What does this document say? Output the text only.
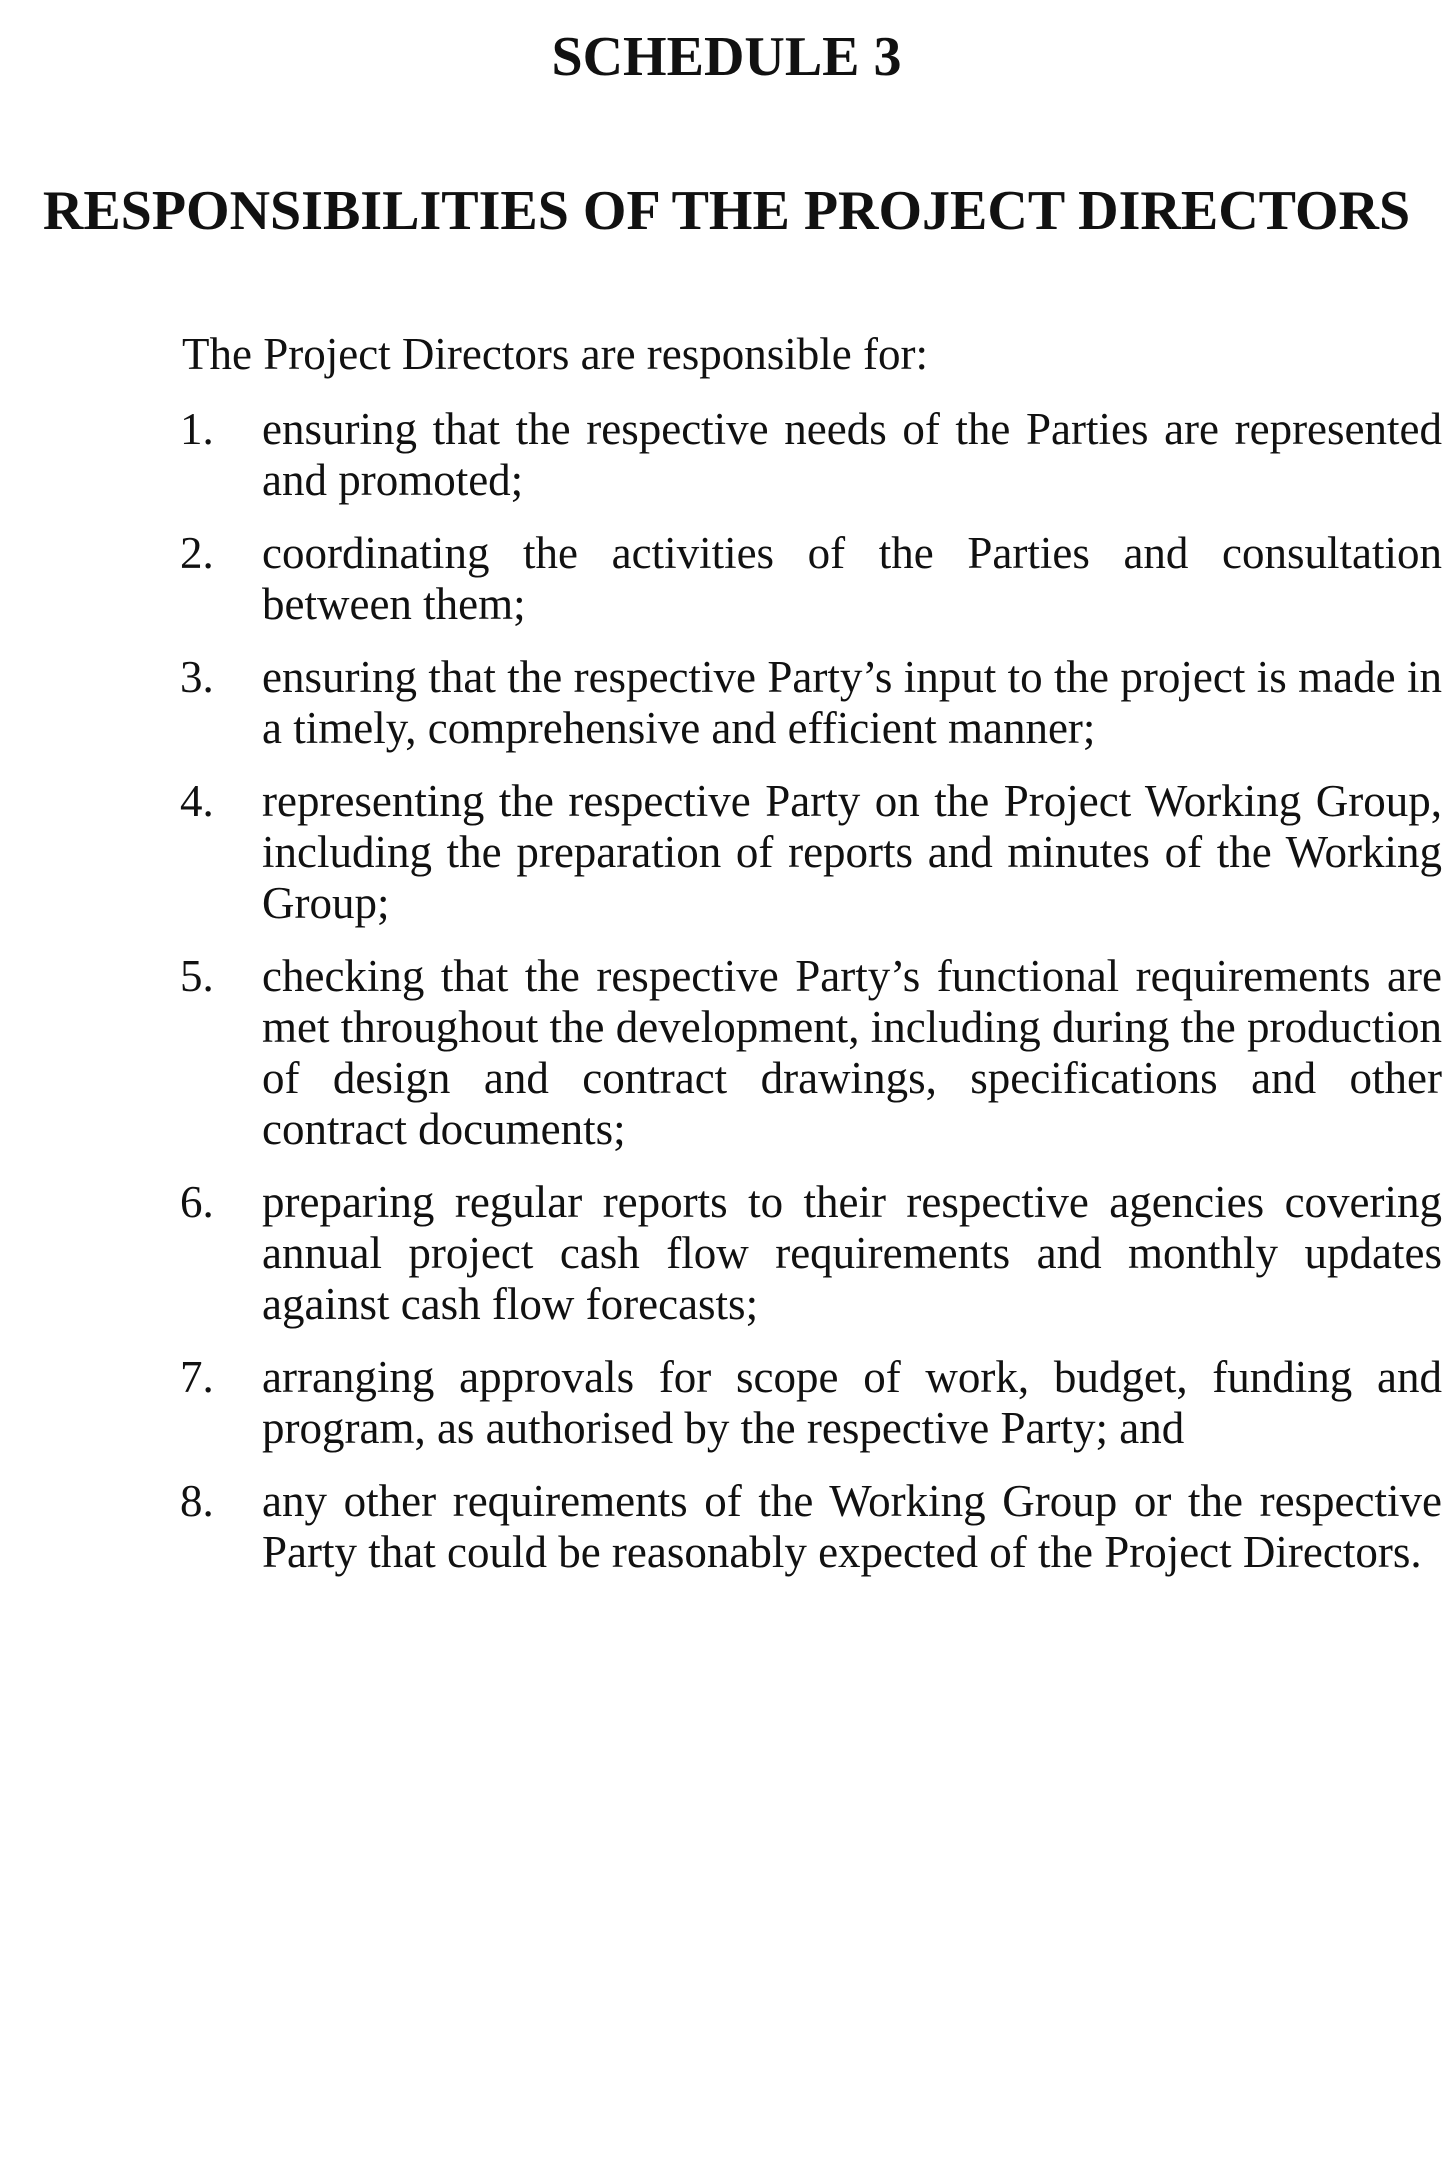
SCHEDULE 3
RESPONSIBILITIES OF THE PROJECT DIRECTORS

The Project Directors are responsible for:

1.	ensuring that the respective needs of the Parties are represented and promoted;
2.	coordinating the activities of the Parties and consultation between them;
3.	ensuring that the respective Party’s input to the project is made in a timely, comprehensive and efficient manner;
4.	representing the respective Party on the Project Working Group, including the preparation of reports and minutes of the Working Group;
5.	checking that the respective Party’s functional requirements are met throughout the development, including during the production of design and contract drawings, specifications and other contract documents;
6.	preparing regular reports to their respective agencies covering annual project cash flow requirements and monthly updates against cash flow forecasts;
7.	arranging approvals for scope of work, budget, funding and program, as authorised by the respective Party; and
8.	any other requirements of the Working Group or the respective Party that could be reasonably expected of the Project Directors.
